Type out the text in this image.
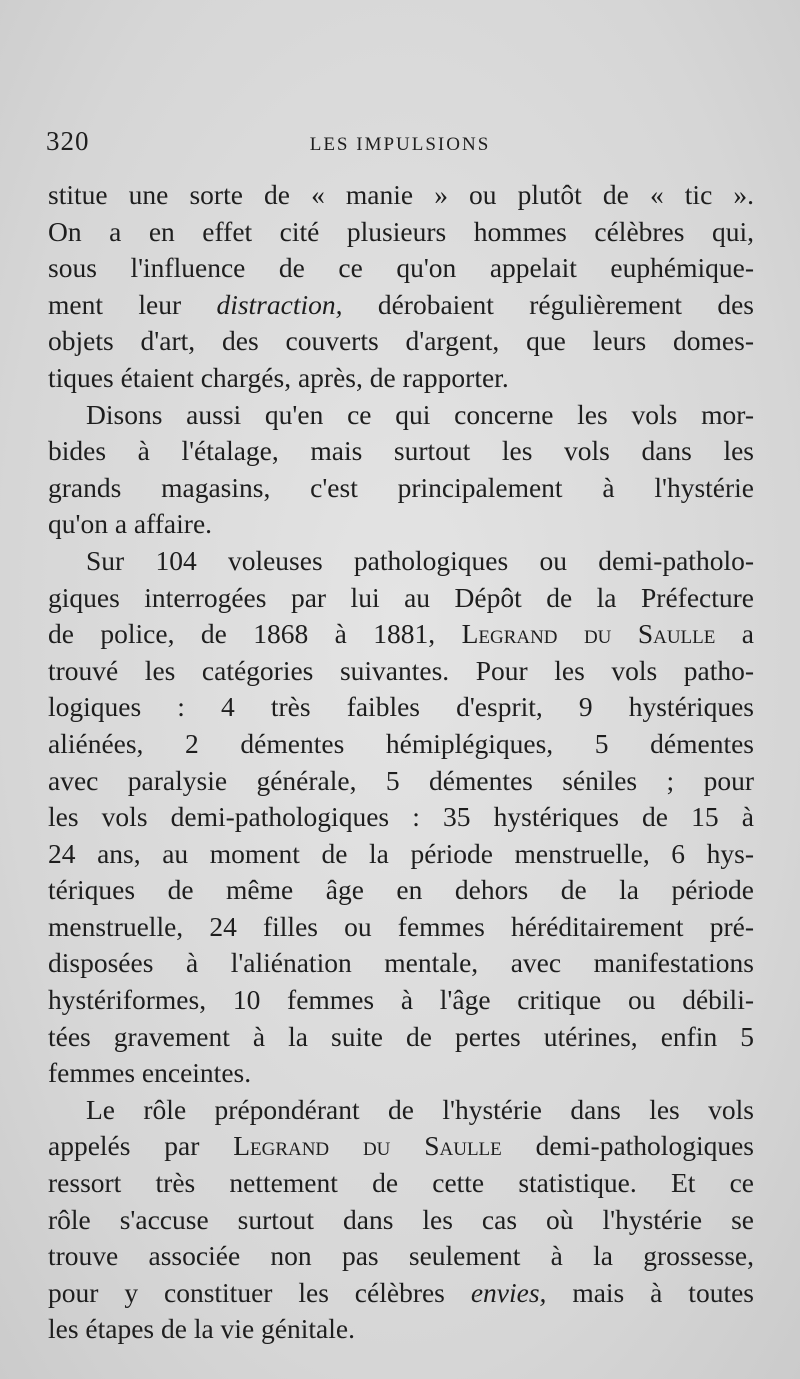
320	LES IMPULSIONS
stitue une sorte de « manie » ou plutôt de « tic ».
On a en effet cité plusieurs hommes célèbres qui,
sous l'influence de ce qu'on appelait euphémique-
ment leur distraction, dérobaient régulièrement des
objets d'art, des couverts d'argent, que leurs domes-
tiques étaient chargés, après, de rapporter.
Disons aussi qu'en ce qui concerne les vols mor-
bides à l'étalage, mais surtout les vols dans les
grands magasins, c'est principalement à l'hystérie
qu'on a affaire.
Sur 104 voleuses pathologiques ou demi-patholo-
giques interrogées par lui au Dépôt de la Préfecture
de police, de 1868 à 1881, Legrand du Saulle a
trouvé les catégories suivantes. Pour les vols patho-
logiques : 4 très faibles d'esprit, 9 hystériques
aliénées, 2 démentes hémiplégiques, 5 démentes
avec paralysie générale, 5 démentes séniles ; pour
les vols demi-pathologiques : 35 hystériques de 15 à
24 ans, au moment de la période menstruelle, 6 hys-
tériques de même âge en dehors de la période
menstruelle, 24 filles ou femmes héréditairement pré-
disposées à l'aliénation mentale, avec manifestations
hystériformes, 10 femmes à l'âge critique ou débili-
tées gravement à la suite de pertes utérines, enfin 5
femmes enceintes.
Le rôle prépondérant de l'hystérie dans les vols
appelés par Legrand du Saulle demi-pathologiques
ressort très nettement de cette statistique. Et ce
rôle s'accuse surtout dans les cas où l'hystérie se
trouve associée non pas seulement à la grossesse,
pour y constituer les célèbres envies, mais à toutes
les étapes de la vie génitale.
